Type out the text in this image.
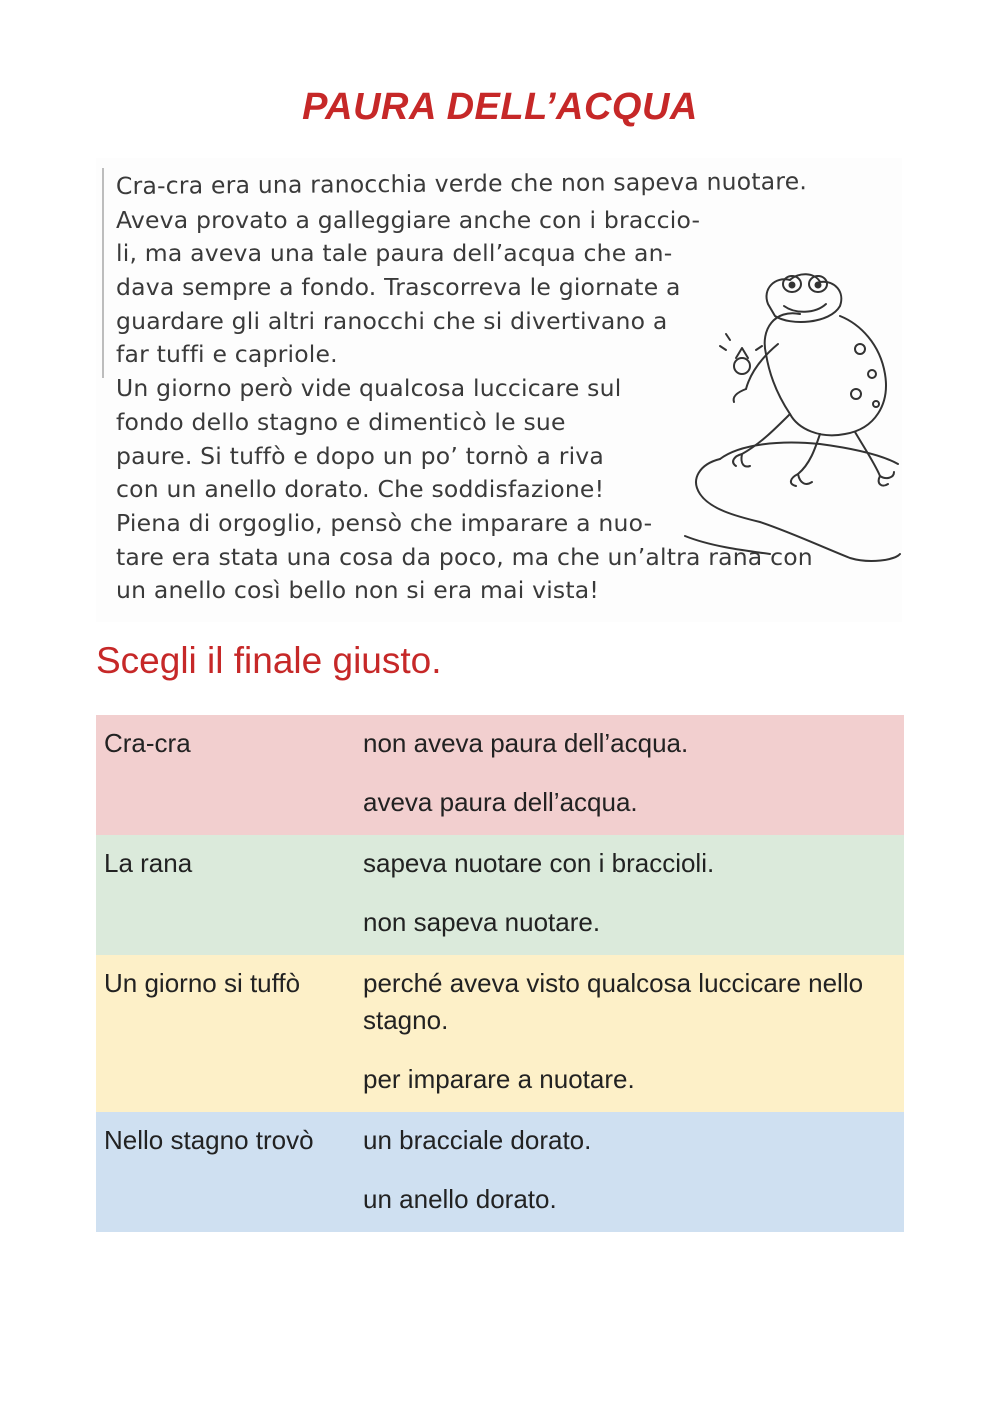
PAURA DELL’ACQUA
Cra-cra era una ranocchia verde che non sapeva nuotare.
Aveva provato a galleggiare anche con i braccio-
li, ma aveva una tale paura dell’acqua che an-
dava sempre a fondo. Trascorreva le giornate a
guardare gli altri ranocchi che si divertivano a
far tuffi e capriole.
Un giorno però vide qualcosa luccicare sul
fondo dello stagno e dimenticò le sue
paure. Si tuffò e dopo un po’ tornò a riva
con un anello dorato. Che soddisfazione!
Piena di orgoglio, pensò che imparare a nuo-
tare era stata una cosa da poco, ma che un’altra rana con
un anello così bello non si era mai vista!
Scegli il finale giusto.
Cra-cra	non aveva paura dell’acqua.
aveva paura dell’acqua.
La rana	sapeva nuotare con i braccioli.
non sapeva nuotare.
Un giorno si tuffò	perché aveva visto qualcosa luccicare nello stagno.
per imparare a nuotare.
Nello stagno trovò	un bracciale dorato.
un anello dorato.
